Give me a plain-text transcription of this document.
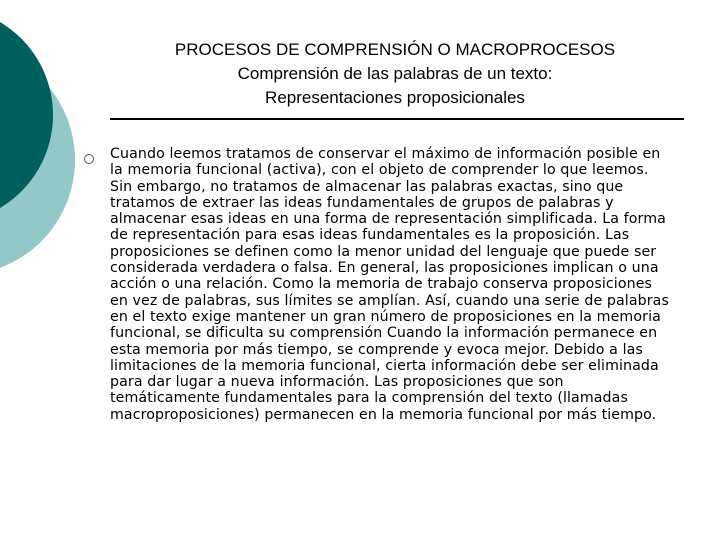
PROCESOS DE COMPRENSIÓN O MACROPROCESOS
Comprensión de las palabras de un texto:
Representaciones proposicionales
Cuando leemos tratamos de conservar el máximo de información posible en la memoria funcional (activa), con el objeto de comprender lo que leemos. Sin embargo, no tratamos de almacenar las palabras exactas, sino que tratamos de extraer las ideas fundamentales de grupos de palabras y almacenar esas ideas en una forma de representación simplificada. La forma de representación para esas ideas fundamentales es la proposición. Las proposiciones se definen como la menor unidad del lenguaje que puede ser considerada verdadera o falsa. En general, las proposiciones implican o una acción o una relación. Como la memoria de trabajo conserva proposiciones en vez de palabras, sus límites se amplían. Así, cuando una serie de palabras en el texto exige mantener un gran número de proposiciones en la memoria funcional, se dificulta su comprensión Cuando la información permanece en esta memoria por más tiempo, se comprende y evoca mejor. Debido a las limitaciones de la memoria funcional, cierta información debe ser eliminada para dar lugar a nueva información. Las proposiciones que son temáticamente fundamentales para la comprensión del texto (llamadas macroproposiciones) permanecen en la memoria funcional por más tiempo.
